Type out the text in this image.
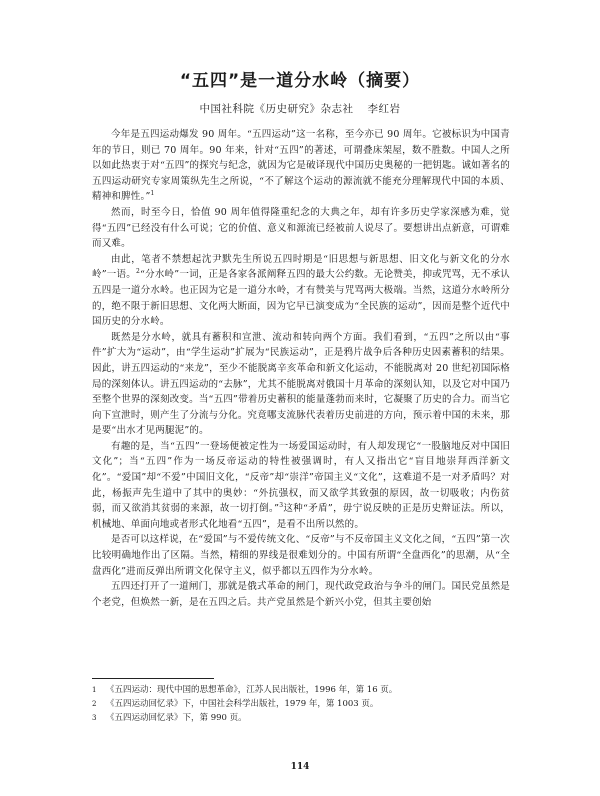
“五四”是一道分水岭（摘要）
中国社科院《历史研究》杂志社 李红岩

今年是五四运动爆发 90 周年。“五四运动”这一名称，至今亦已 90 周年。它被标识为中国青年的节日，则已 70 周年。90 年来，针对“五四”的著述，可谓叠床架屋，数不胜数。中国人之所以如此热衷于对“五四”的探究与纪念，就因为它是破译现代中国历史奥秘的一把钥匙。诚如著名的五四运动研究专家周策纵先生之所说，“不了解这个运动的源流就不能充分理解现代中国的本质、精神和脾性。”$^1$

然而，时至今日，恰值 90 周年值得隆重纪念的大典之年，却有许多历史学家深感为难，觉得“五四”已经没有什么可说；它的价值、意义和源流已经被前人说尽了。要想讲出点新意，可谓难而又难。

由此，笔者不禁想起沈尹默先生所说五四时期是“旧思想与新思想、旧文化与新文化的分水岭”一语。$^2$“分水岭”一词，正是各家各派阐释五四的最大公约数。无论赞美，抑或咒骂，无不承认五四是一道分水岭。也正因为它是一道分水岭，才有赞美与咒骂两大极端。当然，这道分水岭所分的，绝不限于新旧思想、文化两大断面，因为它早已演变成为“全民族的运动”，因而是整个近代中国历史的分水岭。

既然是分水岭，就具有蓄积和宣泄、流动和转向两个方面。我们看到，“五四”之所以由“事件”扩大为“运动”，由“学生运动”扩展为“民族运动”，正是鸦片战争后各种历史因素蓄积的结果。因此，讲五四运动的“来龙”，至少不能脱离辛亥革命和新文化运动，不能脱离对 20 世纪初国际格局的深刻体认。讲五四运动的“去脉”，尤其不能脱离对俄国十月革命的深刻认知，以及它对中国乃至整个世界的深刻改变。当“五四”带着历史蓄积的能量蓬勃而来时，它凝聚了历史的合力。而当它向下宣泄时，则产生了分流与分化。究竟哪支流脉代表着历史前进的方向，预示着中国的未来，那是要“出水才见两腿泥”的。

有趣的是，当“五四”一登场便被定性为一场爱国运动时，有人却发现它“一股脑地反对中国旧文化”；当“五四”作为一场反帝运动的特性被强调时，有人又指出它“盲目地崇拜西洋新文化”。“爱国”却“不爱”中国旧文化，“反帝”却“崇洋”帝国主义“文化”，这难道不是一对矛盾吗？对此，杨振声先生道中了其中的奥妙：“外抗强权，而又欲学其致强的原因，故一切吸收；内伤贫弱，而又欲消其贫弱的来源，故一切打倒。”$^3$这种“矛盾”，毋宁说反映的正是历史辩证法。所以，机械地、单面向地或者形式化地看“五四”，是看不出所以然的。

是否可以这样说，在“爱国”与不爱传统文化、“反帝”与不反帝国主义文化之间，“五四”第一次比较明确地作出了区隔。当然，精细的界线是很难划分的。中国有所谓“全盘西化”的思潮，从“全盘西化”进而反弹出所谓文化保守主义，似乎都以五四作为分水岭。

五四还打开了一道闸门，那就是俄式革命的闸门，现代政党政治与争斗的闸门。国民党虽然是个老党，但焕然一新，是在五四之后。共产党虽然是个新兴小党，但其主要创始

1 《五四运动：现代中国的思想革命》，江苏人民出版社，1996 年，第 16 页。

2 《五四运动回忆录》下，中国社会科学出版社，1979 年，第 1003 页。

3 《五四运动回忆录》下，第 990 页。

114
